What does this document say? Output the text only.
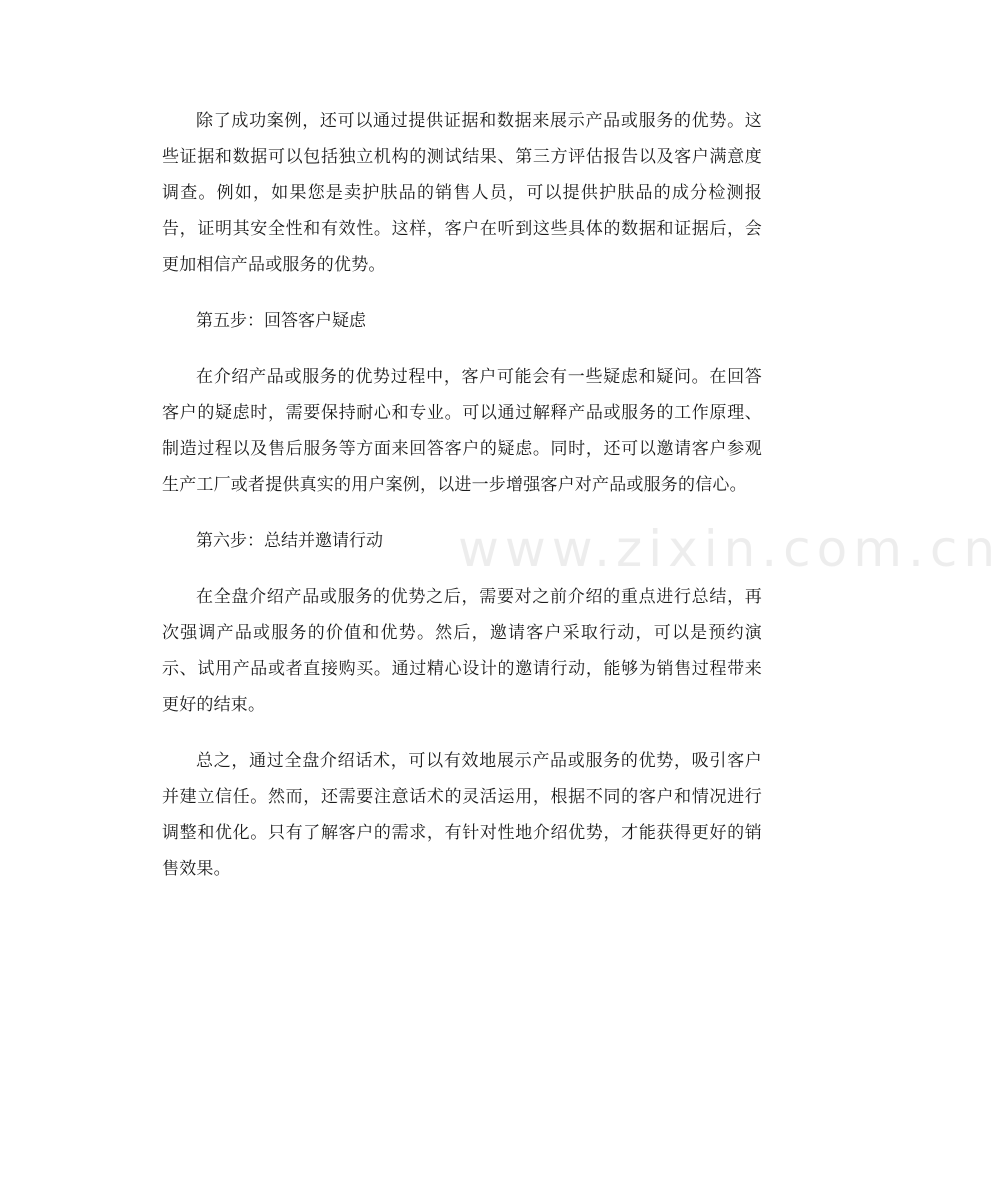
除了成功案例，还可以通过提供证据和数据来展示产品或服务的优势。这些证据和数据可以包括独立机构的测试结果、第三方评估报告以及客户满意度调查。例如，如果您是卖护肤品的销售人员，可以提供护肤品的成分检测报告，证明其安全性和有效性。这样，客户在听到这些具体的数据和证据后，会更加相信产品或服务的优势。

第五步：回答客户疑虑

在介绍产品或服务的优势过程中，客户可能会有一些疑虑和疑问。在回答客户的疑虑时，需要保持耐心和专业。可以通过解释产品或服务的工作原理、制造过程以及售后服务等方面来回答客户的疑虑。同时，还可以邀请客户参观生产工厂或者提供真实的用户案例，以进一步增强客户对产品或服务的信心。

第六步：总结并邀请行动

在全盘介绍产品或服务的优势之后，需要对之前介绍的重点进行总结，再次强调产品或服务的价值和优势。然后，邀请客户采取行动，可以是预约演示、试用产品或者直接购买。通过精心设计的邀请行动，能够为销售过程带来更好的结束。

总之，通过全盘介绍话术，可以有效地展示产品或服务的优势，吸引客户并建立信任。然而，还需要注意话术的灵活运用，根据不同的客户和情况进行调整和优化。只有了解客户的需求，有针对性地介绍优势，才能获得更好的销售效果。

www.zixin.com.cn
